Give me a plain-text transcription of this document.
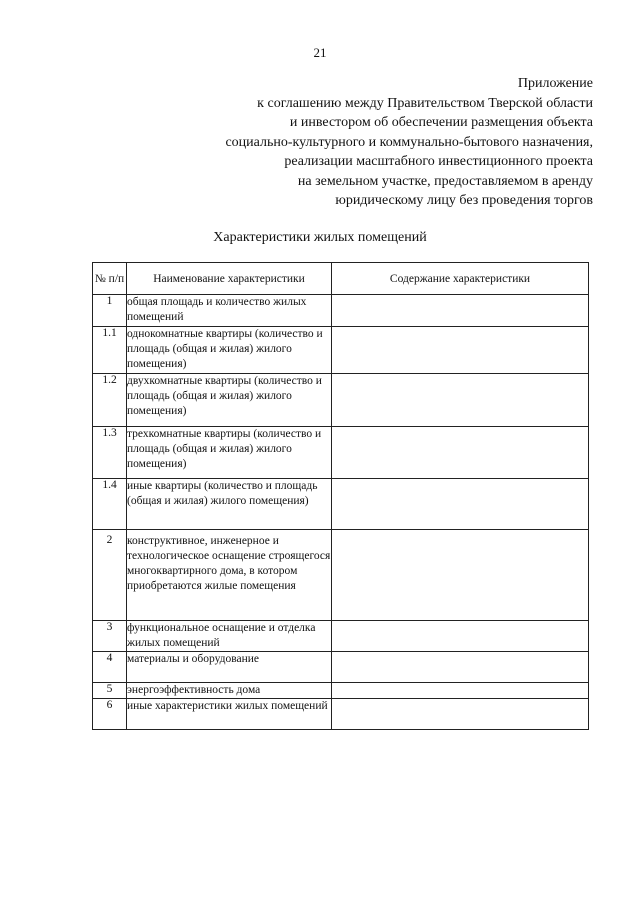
21
Приложение
к соглашению между Правительством Тверской области
и инвестором об обеспечении размещения объекта
социально-культурного и коммунально-бытового назначения,
реализации масштабного инвестиционного проекта
на земельном участке, предоставляемом в аренду
юридическому лицу без проведения торгов
Характеристики жилых помещений
№ п/п	Наименование характеристики	Содержание характеристики
1	общая площадь и количество жилых помещений	
1.1	однокомнатные квартиры (количество и площадь (общая и жилая) жилого помещения)	
1.2	двухкомнатные квартиры (количество и площадь (общая и жилая) жилого помещения)	
1.3	трехкомнатные квартиры (количество и площадь (общая и жилая) жилого помещения)	
1.4	иные квартиры (количество и площадь (общая и жилая) жилого помещения)	
2	конструктивное, инженерное и технологическое оснащение строящегося многоквартирного дома, в котором приобретаются жилые помещения	
3	функциональное оснащение и отделка жилых помещений	
4	материалы и оборудование	
5	энергоэффективность дома	
6	иные характеристики жилых помещений	
